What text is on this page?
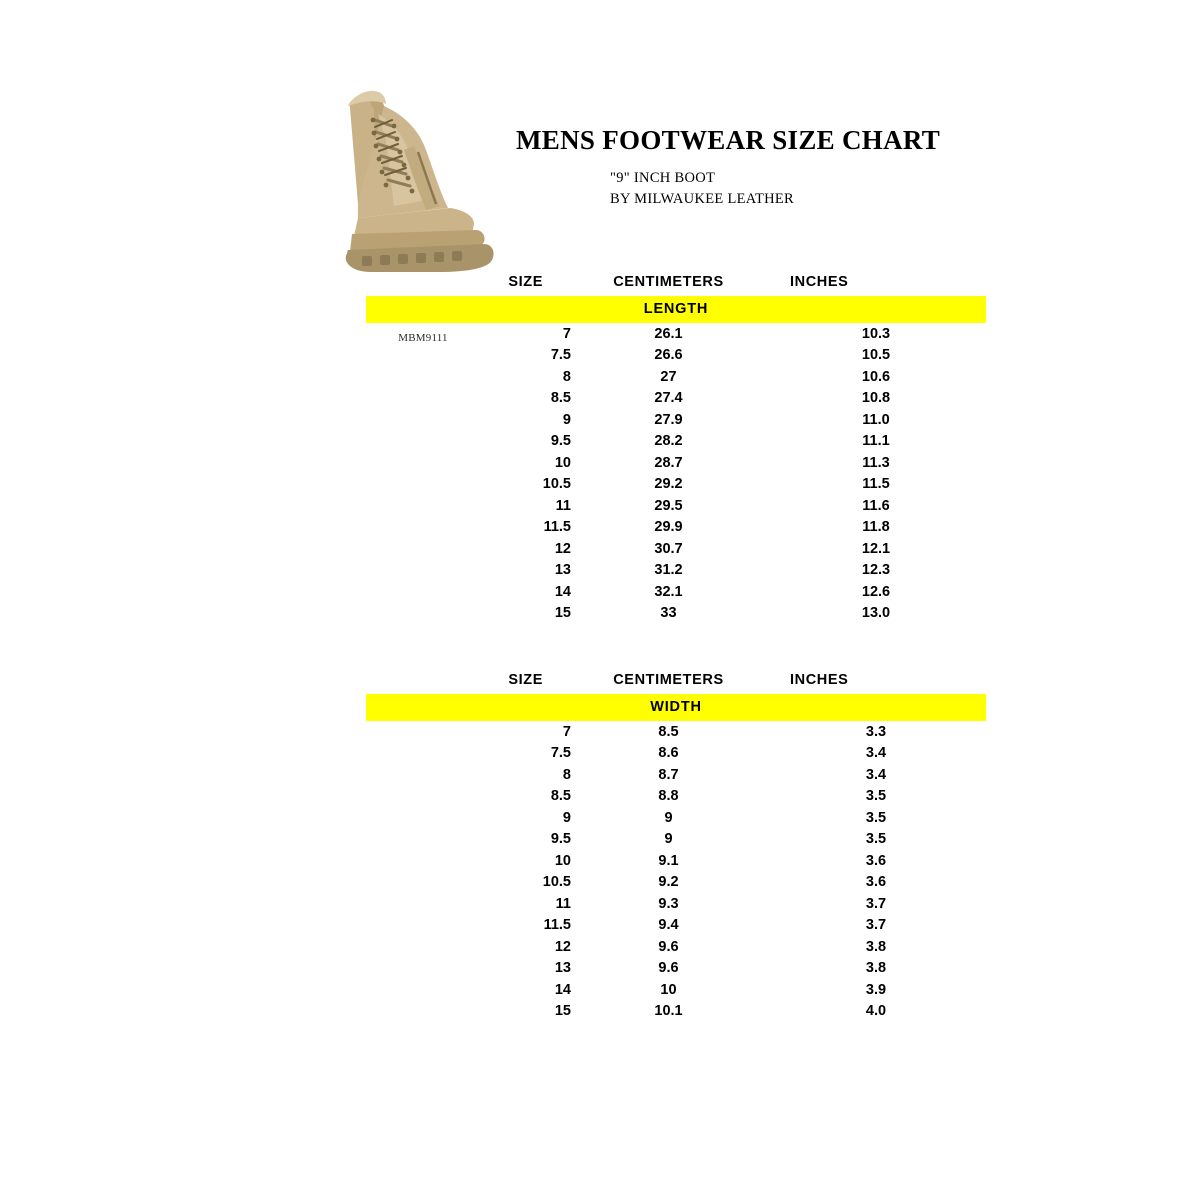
MBM9111
MENS FOOTWEAR SIZE CHART
"9" INCH BOOT
BY MILWAUKEE LEATHER
SIZE	CENTIMETERS	INCHES
LENGTH		
7	26.1	10.3
7.5	26.6	10.5
8	27	10.6
8.5	27.4	10.8
9	27.9	11.0
9.5	28.2	11.1
10	28.7	11.3
10.5	29.2	11.5
11	29.5	11.6
11.5	29.9	11.8
12	30.7	12.1
13	31.2	12.3
14	32.1	12.6
15	33	13.0
SIZE	CENTIMETERS	INCHES
WIDTH		
7	8.5	3.3
7.5	8.6	3.4
8	8.7	3.4
8.5	8.8	3.5
9	9	3.5
9.5	9	3.5
10	9.1	3.6
10.5	9.2	3.6
11	9.3	3.7
11.5	9.4	3.7
12	9.6	3.8
13	9.6	3.8
14	10	3.9
15	10.1	4.0
